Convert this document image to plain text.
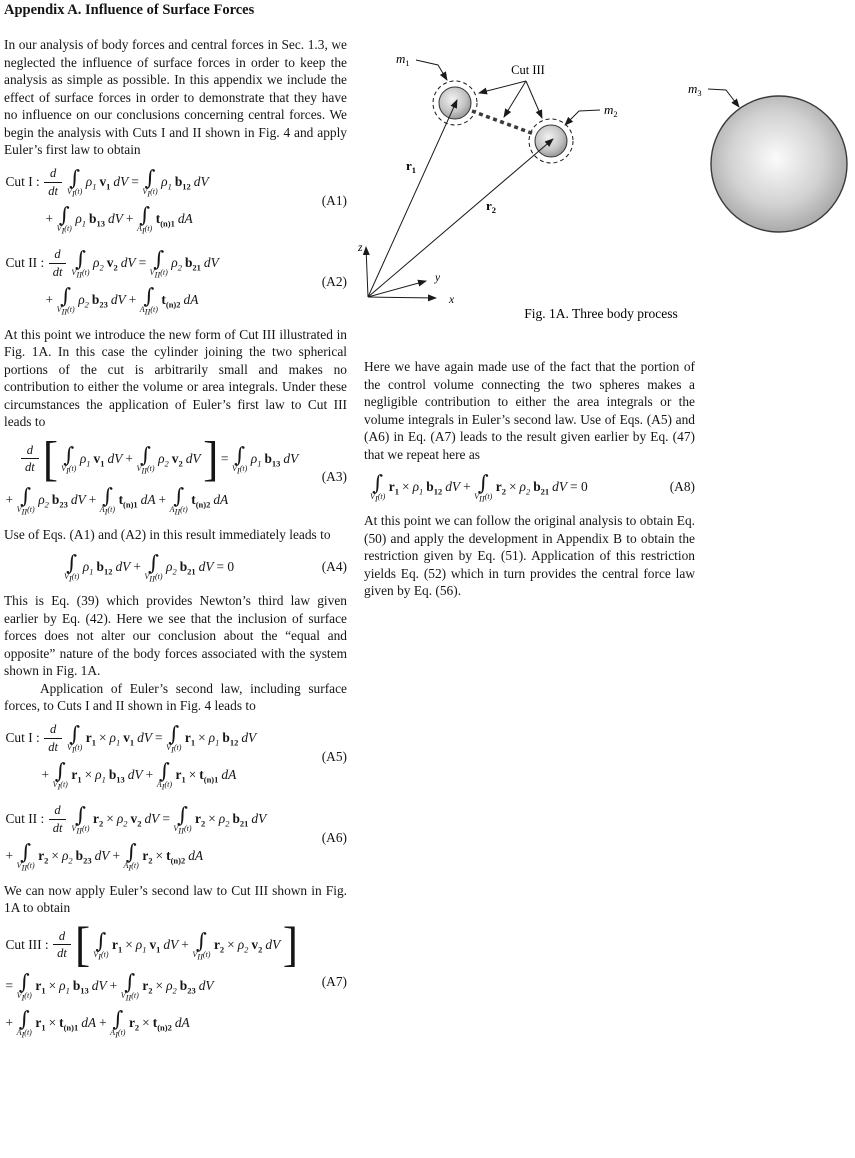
Appendix A. Influence of Surface Forces

In our analysis of body forces and central forces in Sec. 1.3, we neglected the influence of surface forces in order to keep the analysis as simple as possible. In this appendix we include the effect of surface forces in order to demonstrate that they have no influence on our conclusions concerning central forces. We begin the analysis with Cuts I and II shown in Fig. 4 and apply Euler’s first law to obtain

Cut I : $\frac{d}{dt}$ ∫
$V_I(t)$
$\rho_1$ $v_1$ dV = ∫
$V_I(t)$
$\rho_1$ $b_{12}$ dV
+ ∫
$V_I(t)$
$\rho_1$ $b_{13}$ dV + ∫
$A_I(t)$
$t_{(n)1}$ dA
(A1)
Cut II : $\frac{d}{dt}$ ∫
$V_{II}(t)$
$\rho_2$ $v_2$ dV = ∫
$V_{II}(t)$
$\rho_2$ $b_{21}$ dV
+ ∫
$V_{II}(t)$
$\rho_2$ $b_{23}$ dV + ∫
$A_{II}(t)$
$t_{(n)2}$ dA
(A2)

At this point we introduce the new form of Cut III illustrated in Fig. 1A. In this case the cylinder joining the two spherical portions of the cut is arbitrarily small and makes no contribution to either the volume or area integrals. Under these circumstances the application of Euler’s first law to Cut III leads to

$\frac{d}{dt}$ [ ∫
$V_I(t)$
$\rho_1$ $v_1$ dV + ∫
$V_{II}(t)$
$\rho_2$ $v_2$ dV ] = ∫
$V_I(t)$
$\rho_1$ $b_{13}$ dV
+ ∫
$V_{II}(t)$
$\rho_2$ $b_{23}$ dV + ∫
$A_I(t)$
$t_{(n)1}$ dA + ∫
$A_{II}(t)$
$t_{(n)2}$ dA
(A3)

Use of Eqs. (A1) and (A2) in this result immediately leads to

∫
$V_I(t)$
$\rho_1$ $b_{12}$ dV + ∫
$V_{II}(t)$
$\rho_2$ $b_{21}$ dV = 0	(A4)

This is Eq. (39) which provides Newton’s third law given earlier by Eq. (42). Here we see that the inclusion of surface forces does not alter our conclusion about the “equal and opposite” nature of the body forces associated with the system shown in Fig. 1A.

Application of Euler’s second law, including surface forces, to Cuts I and II shown in Fig. 4 leads to

Cut I : $\frac{d}{dt}$ ∫
$V_I(t)$
$r_1 \times \rho_1$ $v_1$ dV = ∫
$V_I(t)$
$r_1 \times \rho_1$ $b_{12}$ dV
+ ∫
$V_I(t)$
$r_1 \times \rho_1$ $b_{13}$ dV + ∫
$A_I(t)$
$r_1 \times t_{(n)1}$ dA
(A5)
Cut II : $\frac{d}{dt}$ ∫
$V_{II}(t)$
$r_2 \times \rho_2$ $v_2$ dV = ∫
$V_{II}(t)$
$r_2 \times \rho_2$ $b_{21}$ dV
+ ∫
$V_{II}(t)$
$r_2 \times \rho_2$ $b_{23}$ dV + ∫
$A_I(t)$
$r_2 \times t_{(n)2}$ dA
(A6)

We can now apply Euler’s second law to Cut III shown in Fig. 1A to obtain

Cut III : $\frac{d}{dt}$ [ ∫
$V_I(t)$
$r_1 \times \rho_1$ $v_1$ dV + ∫
$V_{II}(t)$
$r_2 \times \rho_2$ $v_2$ dV ]
= ∫
$V_I(t)$
$r_1 \times \rho_1$ $b_{13}$ dV + ∫
$V_{II}(t)$
$r_2 \times \rho_2$ $b_{23}$ dV
+ ∫
$A_I(t)$
$r_1 \times t_{(n)1}$ dA + ∫
$A_I(t)$
$r_2 \times t_{(n)2}$ dA
(A7)
z
y
x
Cut III
$m_1$
$m_2$
$m_3$
$r_1$
$r_2$
Fig. 1A. Three body process

Here we have again made use of the fact that the portion of the control volume connecting the two spheres makes a negligible contribution to either the area integrals or the volume integrals in Euler’s second law. Use of Eqs. (A5) and (A6) in Eq. (A7) leads to the result given earlier by Eq. (47) that we repeat here as

∫
$V_I(t)$
$r_1 \times \rho_1$ $b_{12}$ dV + ∫
$V_{II}(t)$
$r_2 \times \rho_2$ $b_{21}$ dV = 0	(A8)

At this point we can follow the original analysis to obtain Eq. (50) and apply the development in Appendix B to obtain the restriction given by Eq. (51). Application of this restriction yields Eq. (52) which in turn provides the central force law given by Eq. (56).
